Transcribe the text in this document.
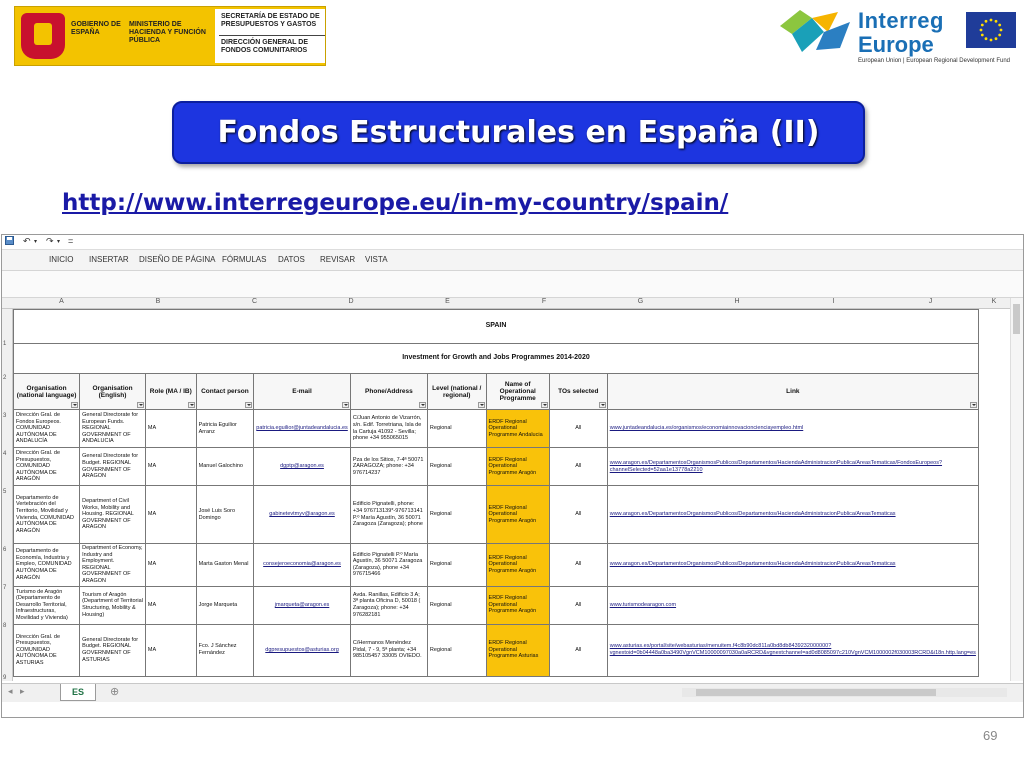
GOBIERNO DE ESPAÑA
MINISTERIO DE HACIENDA Y FUNCIÓN PÚBLICA
SECRETARÍA DE ESTADO DE PRESUPUESTOS Y GASTOS
DIRECCIÓN GENERAL DE FONDOS COMUNITARIOS
Interreg
Europe
European Union | European Regional Development Fund
Fondos Estructurales en España (II)
http://www.interregeurope.eu/in-my-country/spain/
↶ ▾ ↷ ▾ =
INICIO INSERTAR DISEÑO DE PÁGINA FÓRMULAS DATOS REVISAR VISTA
A	B	C	D	E	F	G	H	I	J	K
1
2
3
4
5
6
7
8
9
SPAIN									
Investment for Growth and Jobs Programmes 2014-2020									
Organisation (national language)	Organisation (English)	Role (MA / IB)	Contact person	E-mail	Phone/Address	Level (national / regional)	Name of Operational Programme	TOs selected	Link

Dirección Gral. de Fondos Europeos. COMUNIDAD AUTÓNOMA DE ANDALUCÍA	General Directorate for European Funds. REGIONAL GOVERNMENT OF ANDALUCIA	MA	Patricia Eguilior Arranz	patricia.eguilior@juntadeandalucia.es	C/Juan Antonio de Vizarrón, s/n. Edif. Torretriana, Isla de la Cartuja 41092 - Sevilla; phone +34 955065015	Regional	ERDF Regional Operational Programme Andalucia	All	www.juntadeandalucia.es/organismos/economiainnovacioncienciayempleo.html
Dirección Gral. de Presupuestos, COMUNIDAD AUTÓNOMA DE ARAGÓN	General Directorate for Budget. REGIONAL GOVERNMENT OF ARAGON	MA	Manuel Galochino	dgptp@aragon.es	Pza de los Sitios, 7-4ª 50071 ZARAGOZA; phone: +34 976714237	Regional	ERDF Regional Operational Programme Aragón	All	www.aragon.es/DepartamentosOrganismosPublicos/Departamentos/HaciendaAdministracionPublica/AreasTematicas/FondosEuropeos?channelSelected=52aa1e13778a2210
Departamento de Vertebración del Territorio, Movilidad y Vivienda, COMUNIDAD AUTÓNOMA DE ARAGÓN	Department of Civil Works, Mobility and Housing. REGIONAL GOVERNMENT OF ARAGON	MA	José Luis Soro Domingo	gabinetevtmyv@aragon.es	Edificio Pignatelli, phone: +34 976713139*-976713141 P.º María Agustín, 36 50071 Zaragoza (Zaragoza); phone	Regional	ERDF Regional Operational Programme Aragón	All	www.aragon.es/DepartamentosOrganismosPublicos/Departamentos/HaciendaAdministracionPublica/AreasTematicas
Departamento de Economía, Industria y Empleo, COMUNIDAD AUTÓNOMA DE ARAGÓN	Department of Economy, Industry and Employment. REGIONAL GOVERNMENT OF ARAGON	MA	Marta Gaston Menal	consejeroeconomia@aragon.es	Edificio Pignatelli P.º María Agustín, 36 50071 Zaragoza (Zaragoza), phone +34 976715466	Regional	ERDF Regional Operational Programme Aragón	All	www.aragon.es/DepartamentosOrganismosPublicos/Departamentos/HaciendaAdministracionPublica/AreasTematicas
Turismo de Aragón (Departamento de Desarrollo Territorial, Infraestructuras, Movilidad y Vivienda)	Tourism of Aragón (Department of Territorial Structuring, Mobility & Housing)	MA	Jorge Marqueta	jmarqueta@aragon.es	Avda. Ranillas, Edificio 3 A; 3ª planta Oficina D, 50018 ( Zaragoza); phone: +34 976282181	Regional	ERDF Regional Operational Programme Aragón	All	www.turismodearagon.com
Dirección Gral. de Presupuestos, COMUNIDAD AUTÓNOMA DE ASTURIAS	General Directorate for Budget. REGIONAL GOVERNMENT OF ASTURIAS	MA	Fco. J Sánchez Fernández	dgpresupuestos@asturias.org	C/Hermanos Menéndez Pidal, 7 - 9, 5ª planta; +34 985105457 33005 OVIEDO.	Regional	ERDF Regional Operational Programme Asturias	All	www.asturias.es/portal/site/webasturias/menuitem.f4c8b90dc811a0bd8db8439232000000?vgnextoid=0b04448a0ba3490VgnVCM10000097030a0aRCRD&vgnextchannel=ad0d8085097c210VgnVCM1000002f030003RCRD&i18n.http.lang=es
◂ ▸	ES	⊕
69
